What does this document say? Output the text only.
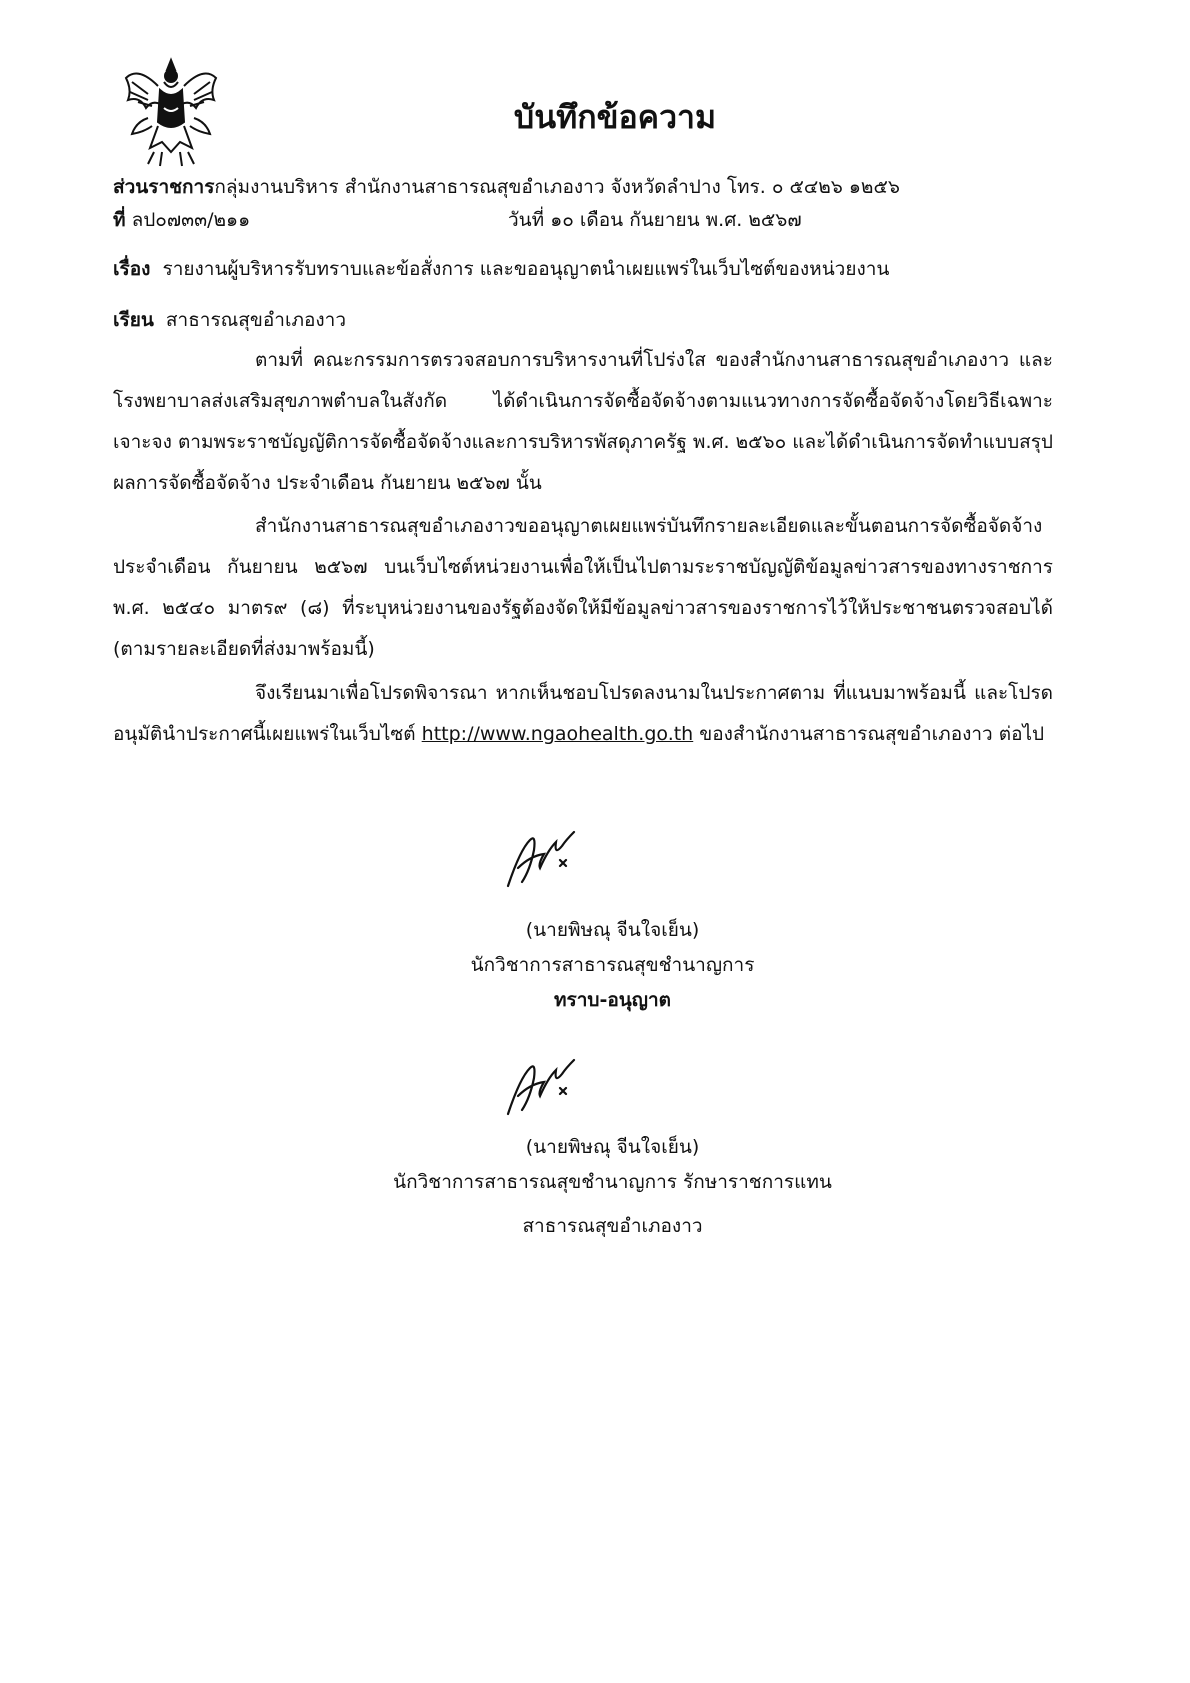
บันทึกข้อความ
ส่วนราชการกลุ่มงานบริหาร สำนักงานสาธารณสุขอำเภองาว จังหวัดลำปาง โทร. ๐ ๕๔๒๖ ๑๒๕๖
ที่ ลป๐๗๓๓/๒๑๑	วันที่ ๑๐ เดือน กันยายน พ.ศ. ๒๕๖๗
เรื่อง รายงานผู้บริหารรับทราบและข้อสั่งการ และขออนุญาตนำเผยแพร่ในเว็บไซต์ของหน่วยงาน
เรียน สาธารณสุขอำเภองาว
ตามที่ คณะกรรมการตรวจสอบการบริหารงานที่โปร่งใส ของสำนักงานสาธารณสุขอำเภองาว และโรงพยาบาลส่งเสริมสุขภาพตำบลในสังกัด ได้ดำเนินการจัดซื้อจัดจ้างตามแนวทางการจัดซื้อจัดจ้างโดยวิธีเฉพาะเจาะจง ตามพระราชบัญญัติการจัดซื้อจัดจ้างและการบริหารพัสดุภาครัฐ พ.ศ. ๒๕๖๐ และได้ดำเนินการจัดทำแบบสรุปผลการจัดซื้อจัดจ้าง ประจำเดือน กันยายน ๒๕๖๗ นั้น
สำนักงานสาธารณสุขอำเภองาวขออนุญาตเผยแพร่บันทึกรายละเอียดและขั้นตอนการจัดซื้อจัดจ้าง ประจำเดือน กันยายน ๒๕๖๗ บนเว็บไซต์หน่วยงานเพื่อให้เป็นไปตามระราชบัญญัติข้อมูลข่าวสารของทางราชการ พ.ศ. ๒๕๔๐ มาตร๙ (๘) ที่ระบุหน่วยงานของรัฐต้องจัดให้มีข้อมูลข่าวสารของราชการไว้ให้ประชาชนตรวจสอบได้ (ตามรายละเอียดที่ส่งมาพร้อมนี้)
จึงเรียนมาเพื่อโปรดพิจารณา หากเห็นชอบโปรดลงนามในประกาศตาม ที่แนบมาพร้อมนี้ และโปรดอนุมัตินำประกาศนี้เผยแพร่ในเว็บไซต์ http://www.ngaohealth.go.th ของสำนักงานสาธารณสุขอำเภองาว ต่อไป
(นายพิษณุ จีนใจเย็น)
นักวิชาการสาธารณสุขชำนาญการ
ทราบ-อนุญาต
(นายพิษณุ จีนใจเย็น)
นักวิชาการสาธารณสุขชำนาญการ รักษาราชการแทน
สาธารณสุขอำเภองาว
